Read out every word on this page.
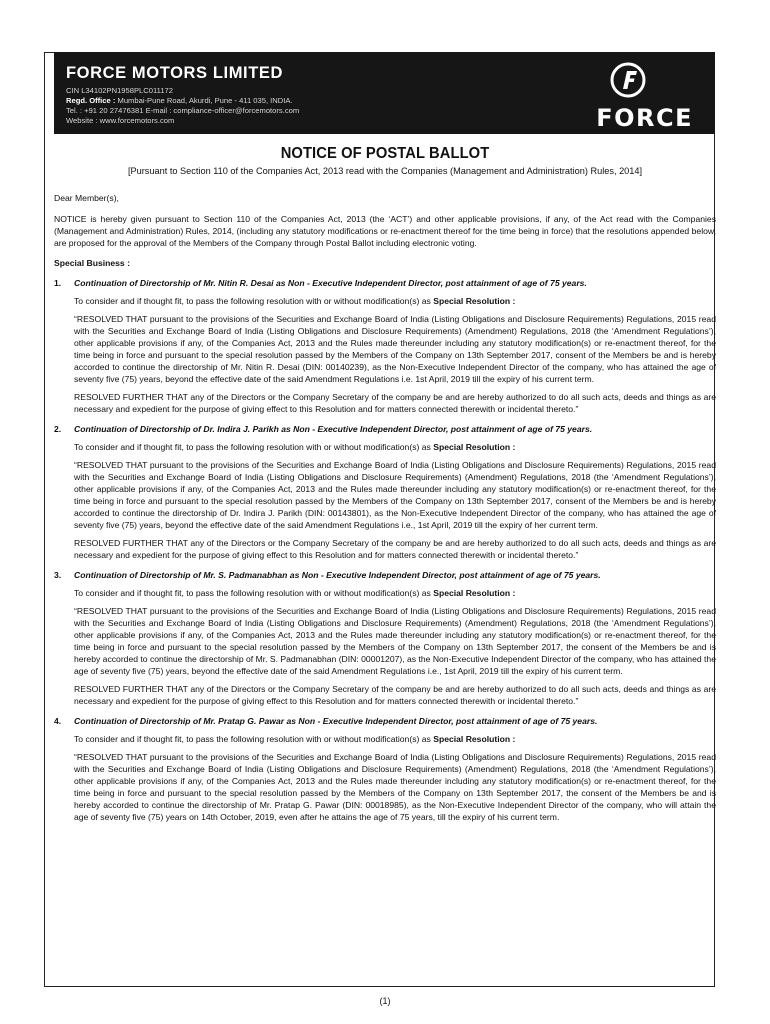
FORCE MOTORS LIMITED
CIN L34102PN1958PLC011172
Regd. Office : Mumbai-Pune Road, Akurdi, Pune - 411 035, INDIA.
Tel. : +91 20 27476381 E-mail : compliance-officer@forcemotors.com
Website : www.forcemotors.com	FORCE
NOTICE OF POSTAL BALLOT
[Pursuant to Section 110 of the Companies Act, 2013 read with the Companies (Management and Administration) Rules, 2014]

Dear Member(s),

NOTICE is hereby given pursuant to Section 110 of the Companies Act, 2013 (the ‘ACT’) and other applicable provisions, if any, of the Act read with the Companies (Management and Administration) Rules, 2014, (including any statutory modifications or re-enactment thereof for the time being in force) that the resolutions appended below, are proposed for the approval of the Members of the Company through Postal Ballot including electronic voting.

Special Business :

1. Continuation of Directorship of Mr. Nitin R. Desai as Non - Executive Independent Director, post attainment of age of 75 years.

To consider and if thought fit, to pass the following resolution with or without modification(s) as Special Resolution :

“RESOLVED THAT pursuant to the provisions of the Securities and Exchange Board of India (Listing Obligations and Disclosure Requirements) Regulations, 2015 read with the Securities and Exchange Board of India (Listing Obligations and Disclosure Requirements) (Amendment) Regulations, 2018 (the ‘Amendment Regulations’), other applicable provisions if any, of the Companies Act, 2013 and the Rules made thereunder including any statutory modification(s) or re-enactment thereof, for the time being in force and pursuant to the special resolution passed by the Members of the Company on 13th September 2017, consent of the Members be and is hereby accorded to continue the directorship of Mr. Nitin R. Desai (DIN: 00140239), as the Non-Executive Independent Director of the company, who has attained the age of seventy five (75) years, beyond the effective date of the said Amendment Regulations i.e. 1st April, 2019 till the expiry of his current term.

RESOLVED FURTHER THAT any of the Directors or the Company Secretary of the company be and are hereby authorized to do all such acts, deeds and things as are necessary and expedient for the purpose of giving effect to this Resolution and for matters connected therewith or incidental thereto.”

2. Continuation of Directorship of Dr. Indira J. Parikh as Non - Executive Independent Director, post attainment of age of 75 years.

To consider and if thought fit, to pass the following resolution with or without modification(s) as Special Resolution :

“RESOLVED THAT pursuant to the provisions of the Securities and Exchange Board of India (Listing Obligations and Disclosure Requirements) Regulations, 2015 read with the Securities and Exchange Board of India (Listing Obligations and Disclosure Requirements) (Amendment) Regulations, 2018 (the ‘Amendment Regulations’), other applicable provisions if any, of the Companies Act, 2013 and the Rules made thereunder including any statutory modification(s) or re-enactment thereof, for the time being in force and pursuant to the special resolution passed by the Members of the Company on 13th September 2017, consent of the Members be and is hereby accorded to continue the directorship of Dr. Indira J. Parikh (DIN: 00143801), as the Non-Executive Independent Director of the company, who has attained the age of seventy five (75) years, beyond the effective date of the said Amendment Regulations i.e., 1st April, 2019 till the expiry of her current term.

RESOLVED FURTHER THAT any of the Directors or the Company Secretary of the company be and are hereby authorized to do all such acts, deeds and things as are necessary and expedient for the purpose of giving effect to this Resolution and for matters connected therewith or incidental thereto.”

3. Continuation of Directorship of Mr. S. Padmanabhan as Non - Executive Independent Director, post attainment of age of 75 years.

To consider and if thought fit, to pass the following resolution with or without modification(s) as Special Resolution :

“RESOLVED THAT pursuant to the provisions of the Securities and Exchange Board of India (Listing Obligations and Disclosure Requirements) Regulations, 2015 read with the Securities and Exchange Board of India (Listing Obligations and Disclosure Requirements) (Amendment) Regulations, 2018 (the ‘Amendment Regulations’), other applicable provisions if any, of the Companies Act, 2013 and the Rules made thereunder including any statutory modification(s) or re-enactment thereof, for the time being in force and pursuant to the special resolution passed by the Members of the Company on 13th September 2017, the consent of the Members be and is hereby accorded to continue the directorship of Mr. S. Padmanabhan (DIN: 00001207), as the Non-Executive Independent Director of the company, who has attained the age of seventy five (75) years, beyond the effective date of the said Amendment Regulations i.e., 1st April, 2019 till the expiry of his current term.

RESOLVED FURTHER THAT any of the Directors or the Company Secretary of the company be and are hereby authorized to do all such acts, deeds and things as are necessary and expedient for the purpose of giving effect to this Resolution and for matters connected therewith or incidental thereto.”

4. Continuation of Directorship of Mr. Pratap G. Pawar as Non - Executive Independent Director, post attainment of age of 75 years.

To consider and if thought fit, to pass the following resolution with or without modification(s) as Special Resolution :

“RESOLVED THAT pursuant to the provisions of the Securities and Exchange Board of India (Listing Obligations and Disclosure Requirements) Regulations, 2015 read with the Securities and Exchange Board of India (Listing Obligations and Disclosure Requirements) (Amendment) Regulations, 2018 (the ‘Amendment Regulations’), other applicable provisions if any, of the Companies Act, 2013 and the Rules made thereunder including any statutory modification(s) or re-enactment thereof, for the time being in force and pursuant to the special resolution passed by the Members of the Company on 13th September 2017, the consent of the Members be and is hereby accorded to continue the directorship of Mr. Pratap G. Pawar (DIN: 00018985), as the Non-Executive Independent Director of the company, who will attain the age of seventy five (75) years on 14th October, 2019, even after he attains the age of 75 years, till the expiry of his current term.

(1)
